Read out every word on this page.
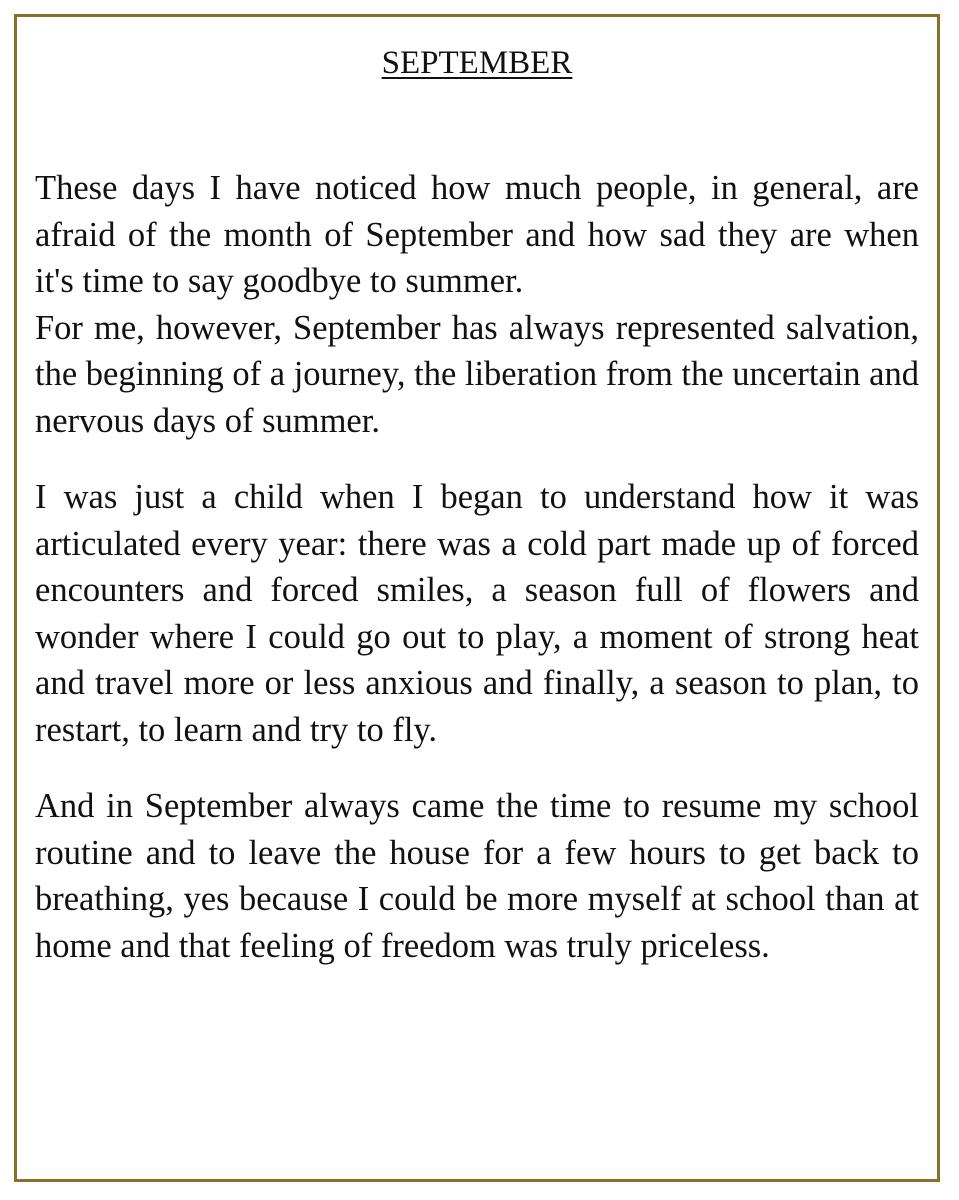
SEPTEMBER

These days I have noticed how much people, in general, are afraid of the month of September and how sad they are when it's time to say goodbye to summer.

For me, however, September has always represented salvation, the beginning of a journey, the liberation from the uncertain and nervous days of summer.

I was just a child when I began to understand how it was articulated every year: there was a cold part made up of forced encounters and forced smiles, a season full of flowers and wonder where I could go out to play, a moment of strong heat and travel more or less anxious and finally, a season to plan, to restart, to learn and try to fly.

And in September always came the time to resume my school routine and to leave the house for a few hours to get back to breathing, yes because I could be more myself at school than at home and that feeling of freedom was truly priceless.
